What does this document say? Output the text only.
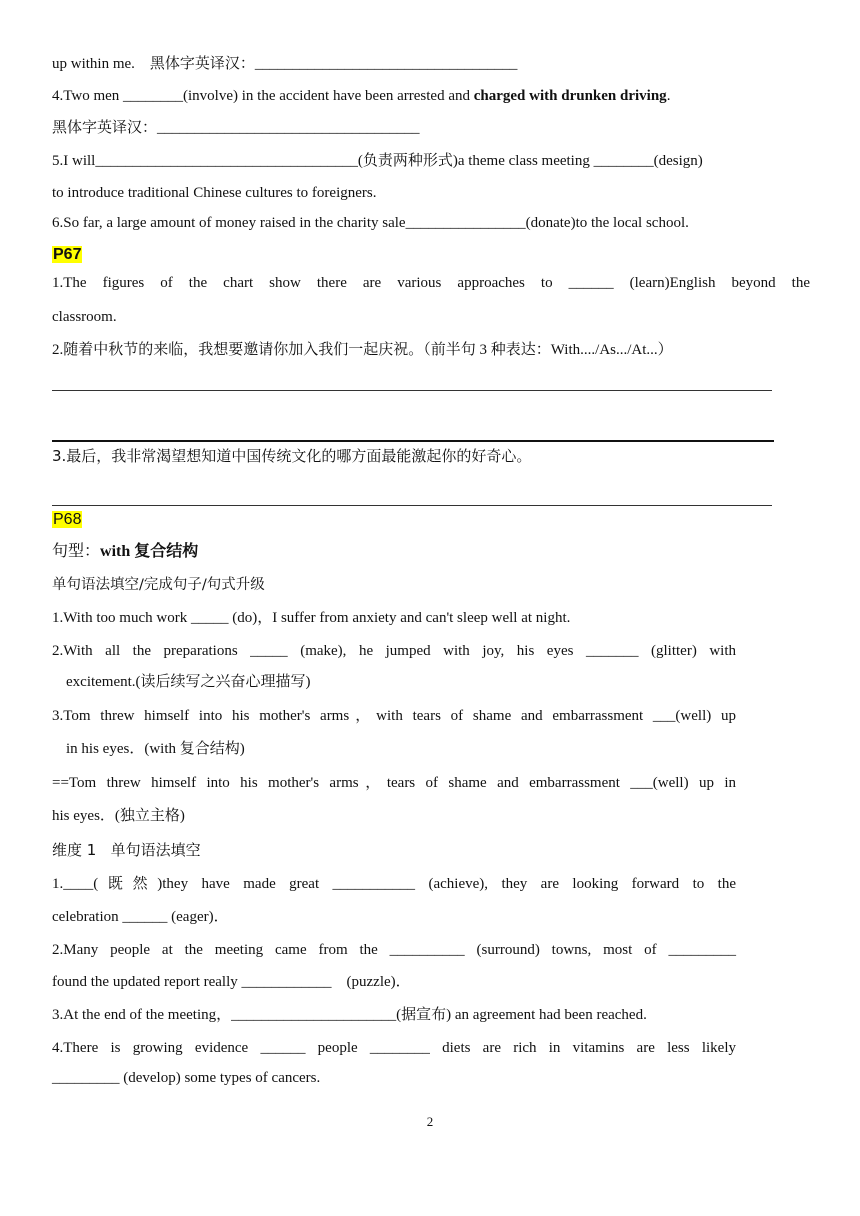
up within me.    黑体字英译汉：___________________________________
4.Two men ________(involve) in the accident have been arrested and charged with drunken driving.
黑体字英译汉：___________________________________
5.I will___________________________________(负责两种形式)a theme class meeting ________(design)
to introduce traditional Chinese cultures to foreigners.
6.So far, a large amount of money raised in the charity sale________________(donate)to the local school.
P67
1.The figures of the chart show there are various approaches to ______ (learn)English beyond the
classroom.
2.随着中秋节的来临，我想要邀请你加入我们一起庆祝。（前半句 3 种表达：With..../As.../At...）
3.最后，我非常渴望想知道中国传统文化的哪方面最能激起你的好奇心。
P68
句型：with 复合结构
单句语法填空/完成句子/句式升级
1.With too much work _____ (do)，I suffer from anxiety and can't sleep well at night.
2.With all the preparations _____ (make), he jumped with joy, his eyes _______ (glitter) with
excitement.(读后续写之兴奋心理描写)
3.Tom threw himself into his mother's arms，with tears of shame and embarrassment ___(well) up
in his eyes．(with 复合结构)
==Tom threw himself into his mother's arms，tears of shame and embarrassment ___(well) up in
his eyes．(独立主格)
维度 1   单句语法填空
1.____(既然)they have made great ___________ (achieve), they are looking forward to the
celebration ______ (eager)．
2.Many people at the meeting came from the __________ (surround) towns, most of _________
found the updated report really ____________    (puzzle)．
3.At the end of the meeting，______________________(据宣布) an agreement had been reached.
4.There is growing evidence ______ people ________ diets are rich in vitamins are less likely
_________ (develop) some types of cancers.
2
